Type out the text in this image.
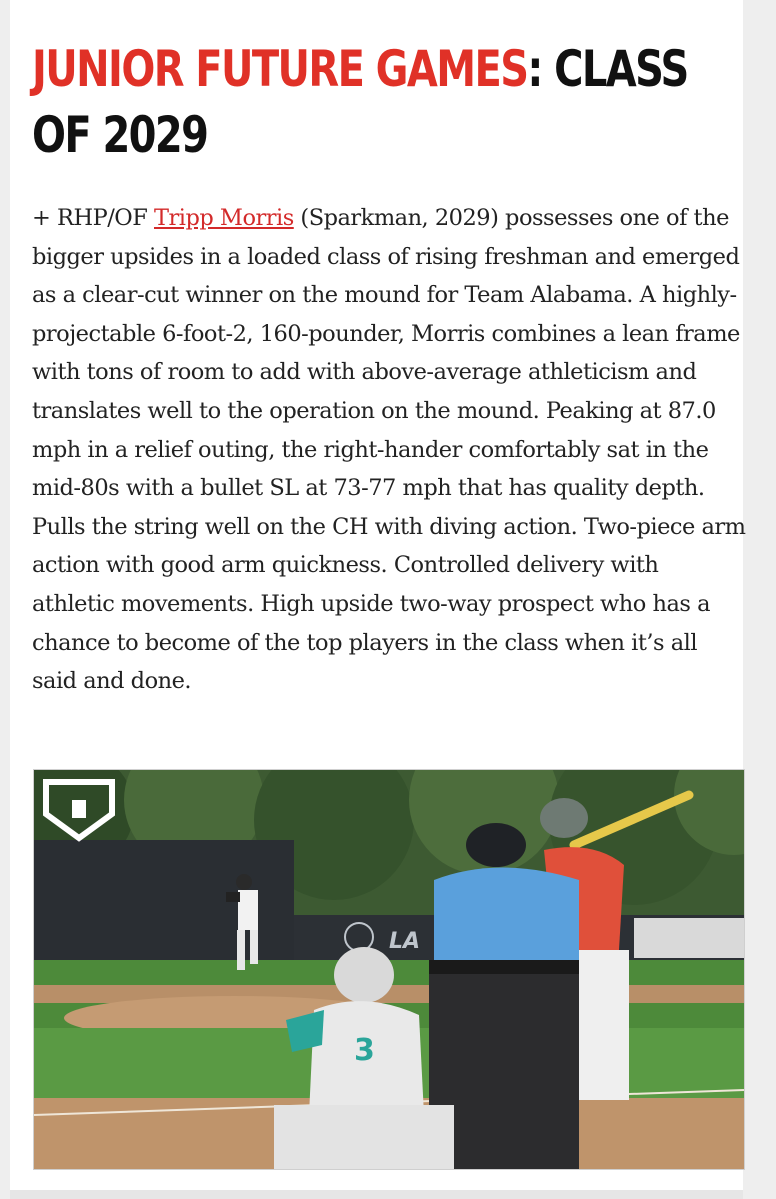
JUNIOR FUTURE GAMES: CLASS OF 2029

+ RHP/OF Tripp Morris (Sparkman, 2029) possesses one of the bigger upsides in a loaded class of rising freshman and emerged as a clear-cut winner on the mound for Team Alabama. A highly-projectable 6-foot-2, 160-pounder, Morris combines a lean frame with tons of room to add with above-average athleticism and translates well to the operation on the mound. Peaking at 87.0 mph in a relief outing, the right-hander comfortably sat in the mid-80s with a bullet SL at 73-77 mph that has quality depth. Pulls the string well on the CH with diving action. Two-piece arm action with good arm quickness. Controlled delivery with athletic movements. High upside two-way prospect who has a chance to become of the top players in the class when it’s all said and done.

LA
3
